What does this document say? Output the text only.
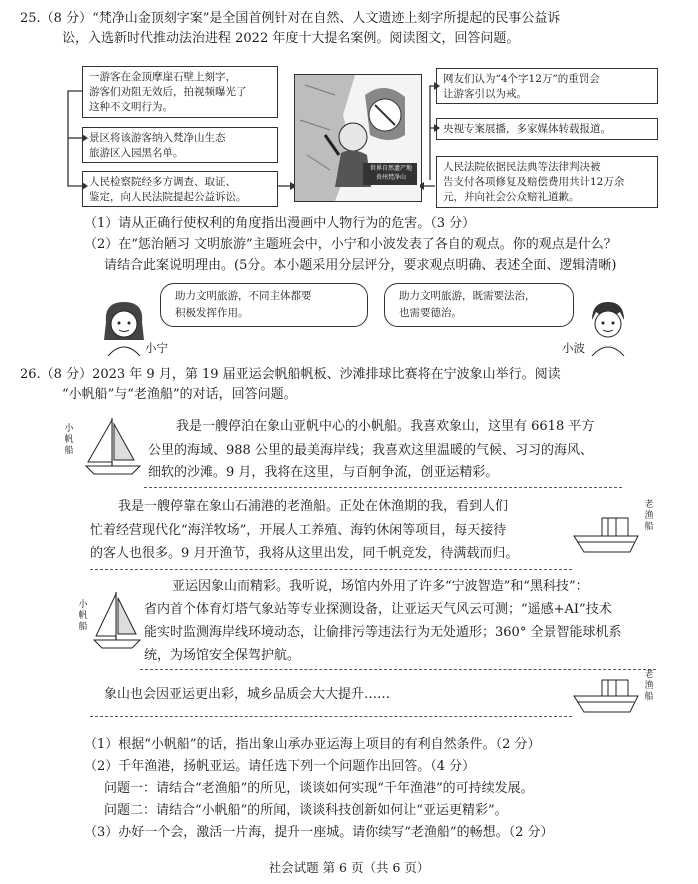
25.（8 分）“梵净山金顶刻字案”是全国首例针对在自然、人文遗迹上刻字所提起的民事公益诉
讼，入选新时代推动法治进程 2022 年度十大提名案例。阅读图文，回答问题。
一游客在金顶摩崖石壁上刻字，
游客们劝阻无效后，拍视频曝光了
这种不文明行为。
景区将该游客纳入梵净山生态
旅游区入园黑名单。
人民检察院经多方调查、取证、
鉴定，向人民法院提起公益诉讼。
世界自然遗产地
贵州梵净山
网友们认为“4个字12万”的重罚会
让游客引以为戒。
央视专案展播，多家媒体转载报道。
人民法院依据民法典等法律判决被
告支付各项修复及赔偿费用共计12万余
元，并向社会公众赔礼道歉。
（1）请从正确行使权利的角度指出漫画中人物行为的危害。（3 分）
（2）在“惩治陋习 文明旅游”主题班会中，小宁和小波发表了各自的观点。你的观点是什么？
请结合此案说明理由。(5分。本小题采用分层评分，要求观点明确、表述全面、逻辑清晰)
小宁
助力文明旅游，不同主体都要
积极发挥作用。
助力文明旅游，既需要法治，
也需要德治。
小波
26.（8 分）2023 年 9 月，第 19 届亚运会帆船帆板、沙滩排球比赛将在宁波象山举行。阅读
“小帆船”与“老渔船”的对话，回答问题。
小帆船
我是一艘停泊在象山亚帆中心的小帆船。我喜欢象山，这里有 6618 平方
公里的海域、988 公里的最美海岸线；我喜欢这里温暖的气候、习习的海风、
细软的沙滩。9 月，我将在这里，与百舸争流，创亚运精彩。
我是一艘停靠在象山石浦港的老渔船。正处在休渔期的我，看到人们
忙着经营现代化“海洋牧场”，开展人工养殖、海钓休闲等项目，每天接待
的客人也很多。9 月开渔节，我将从这里出发，同千帆竞发，待满载而归。
老渔船
小帆船
亚运因象山而精彩。我听说，场馆内外用了许多“宁波智造”和“黑科技”：
省内首个体育灯塔气象站等专业探测设备，让亚运天气风云可测；“遥感+AI”技术
能实时监测海岸线环境动态，让偷排污等违法行为无处遁形；360° 全景智能球机系
统，为场馆安全保驾护航。
象山也会因亚运更出彩，城乡品质会大大提升……
老渔船
（1）根据“小帆船”的话，指出象山承办亚运海上项目的有利自然条件。（2 分）
（2）千年渔港，扬帆亚运。请任选下列一个问题作出回答。（4 分）
问题一：请结合“老渔船”的所见，谈谈如何实现“千年渔港”的可持续发展。
问题二：请结合“小帆船”的所闻，谈谈科技创新如何让“亚运更精彩”。
（3）办好一个会，激活一片海，提升一座城。请你续写“老渔船”的畅想。（2 分）
社会试题 第 6 页（共 6 页）
